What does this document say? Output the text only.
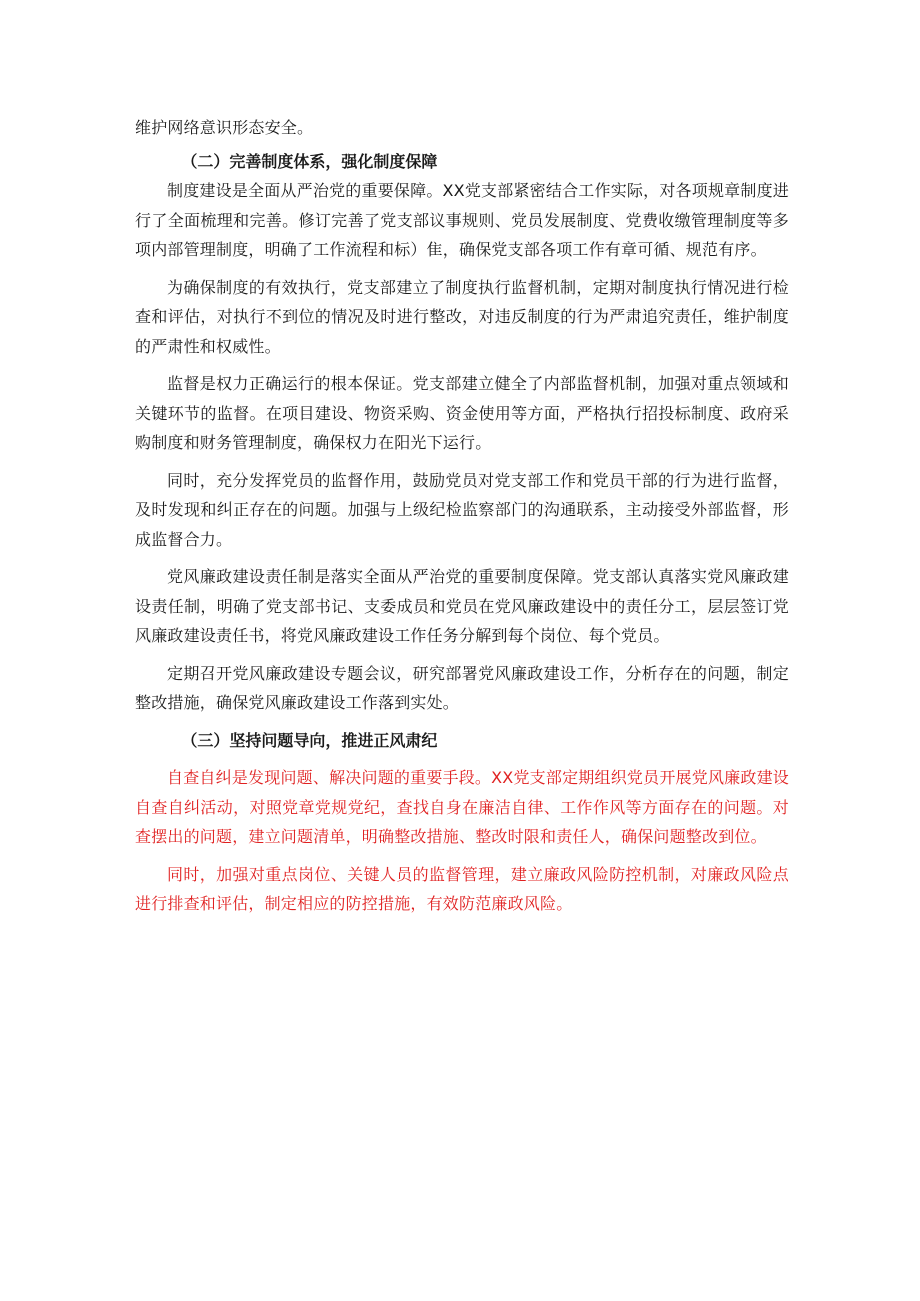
维护网络意识形态安全。

（二）完善制度体系，强化制度保障

制度建设是全面从严治党的重要保障。XX党支部紧密结合工作实际，对各项规章制度进行了全面梳理和完善。修订完善了党支部议事规则、党员发展制度、党费收缴管理制度等多项内部管理制度，明确了工作流程和标）隹，确保党支部各项工作有章可循、规范有序。

为确保制度的有效执行，党支部建立了制度执行监督机制，定期对制度执行情况进行检查和评估，对执行不到位的情况及时进行整改，对违反制度的行为严肃追究责任，维护制度的严肃性和权威性。

监督是权力正确运行的根本保证。党支部建立健全了内部监督机制，加强对重点领域和关键环节的监督。在项目建设、物资采购、资金使用等方面，严格执行招投标制度、政府采购制度和财务管理制度，确保权力在阳光下运行。

同时，充分发挥党员的监督作用，鼓励党员对党支部工作和党员干部的行为进行监督，及时发现和纠正存在的问题。加强与上级纪检监察部门的沟通联系，主动接受外部监督，形成监督合力。

党风廉政建设责任制是落实全面从严治党的重要制度保障。党支部认真落实党风廉政建设责任制，明确了党支部书记、支委成员和党员在党风廉政建设中的责任分工，层层签订党风廉政建设责任书，将党风廉政建设工作任务分解到每个岗位、每个党员。

定期召开党风廉政建设专题会议，研究部署党风廉政建设工作，分析存在的问题，制定整改措施，确保党风廉政建设工作落到实处。

（三）坚持问题导向，推进正风肃纪

自查自纠是发现问题、解决问题的重要手段。XX党支部定期组织党员开展党风廉政建设自查自纠活动，对照党章党规党纪，查找自身在廉洁自律、工作作风等方面存在的问题。对查摆出的问题，建立问题清单，明确整改措施、整改时限和责任人，确保问题整改到位。

同时，加强对重点岗位、关键人员的监督管理，建立廉政风险防控机制，对廉政风险点进行排查和评估，制定相应的防控措施，有效防范廉政风险。
